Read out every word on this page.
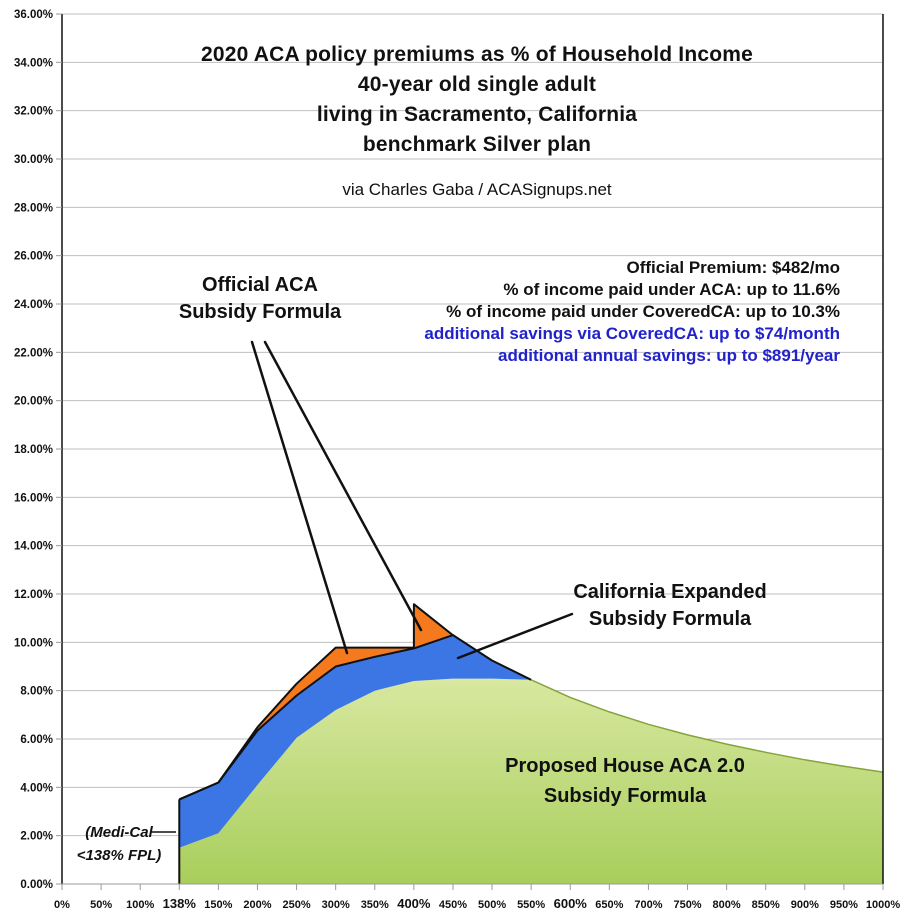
0.00%
2.00%
4.00%
6.00%
8.00%
10.00%
12.00%
14.00%
16.00%
18.00%
20.00%
22.00%
24.00%
26.00%
28.00%
30.00%
32.00%
34.00%
36.00%
0% 50% 100% 138% 150% 200% 250% 300% 350% 400% 450% 500% 550% 600% 650% 700% 750% 800% 850% 900% 950% 1000%
2020 ACA policy premiums as % of Household Income
40-year old single adult
living in Sacramento, California
benchmark Silver plan
via Charles Gaba / ACASignups.net
Official Premium: $482/mo
% of income paid under ACA: up to 11.6%
% of income paid under CoveredCA: up to 10.3%
additional savings via CoveredCA: up to $74/month
additional annual savings: up to $891/year
Official ACA
Subsidy Formula
California Expanded
Subsidy Formula
Proposed House ACA 2.0
Subsidy Formula
(Medi-Cal
<138% FPL)
